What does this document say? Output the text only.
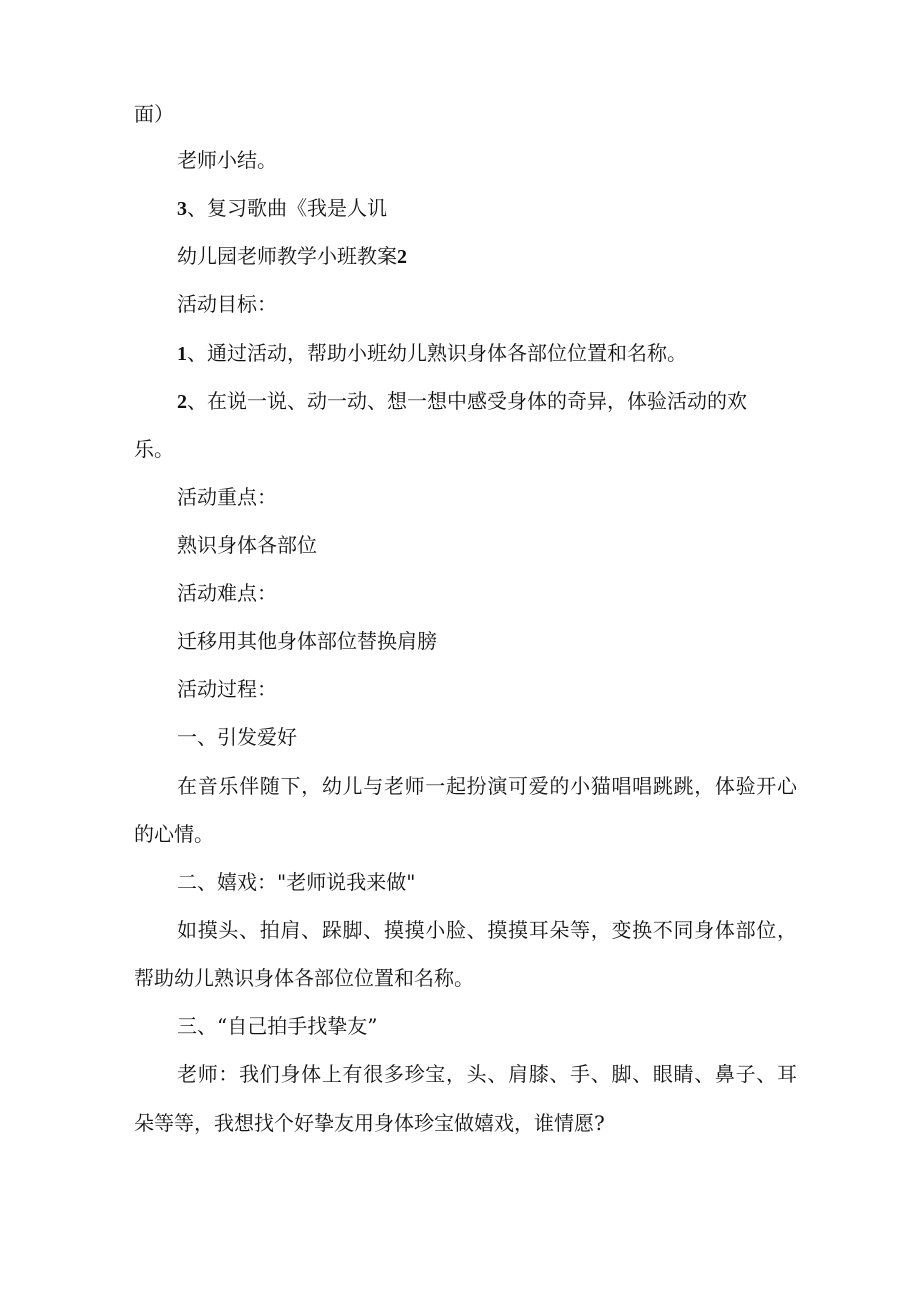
面）
老师小结。
3、复习歌曲《我是人讥
幼儿园老师教学小班教案2
活动目标：
1、通过活动，帮助小班幼儿熟识身体各部位位置和名称。
2、在说一说、动一动、想一想中感受身体的奇异，体验活动的欢
乐。
活动重点：
熟识身体各部位
活动难点：
迁移用其他身体部位替换肩膀
活动过程：
一、引发爱好
在音乐伴随下，幼儿与老师一起扮演可爱的小猫唱唱跳跳，体验开心
的心情。
二、嬉戏："老师说我来做"
如摸头、拍肩、跺脚、摸摸小脸、摸摸耳朵等，变换不同身体部位，
帮助幼儿熟识身体各部位位置和名称。
三、“自己拍手找挚友”
老师：我们身体上有很多珍宝，头、肩膝、手、脚、眼睛、鼻子、耳
朵等等，我想找个好挚友用身体珍宝做嬉戏，谁情愿?
